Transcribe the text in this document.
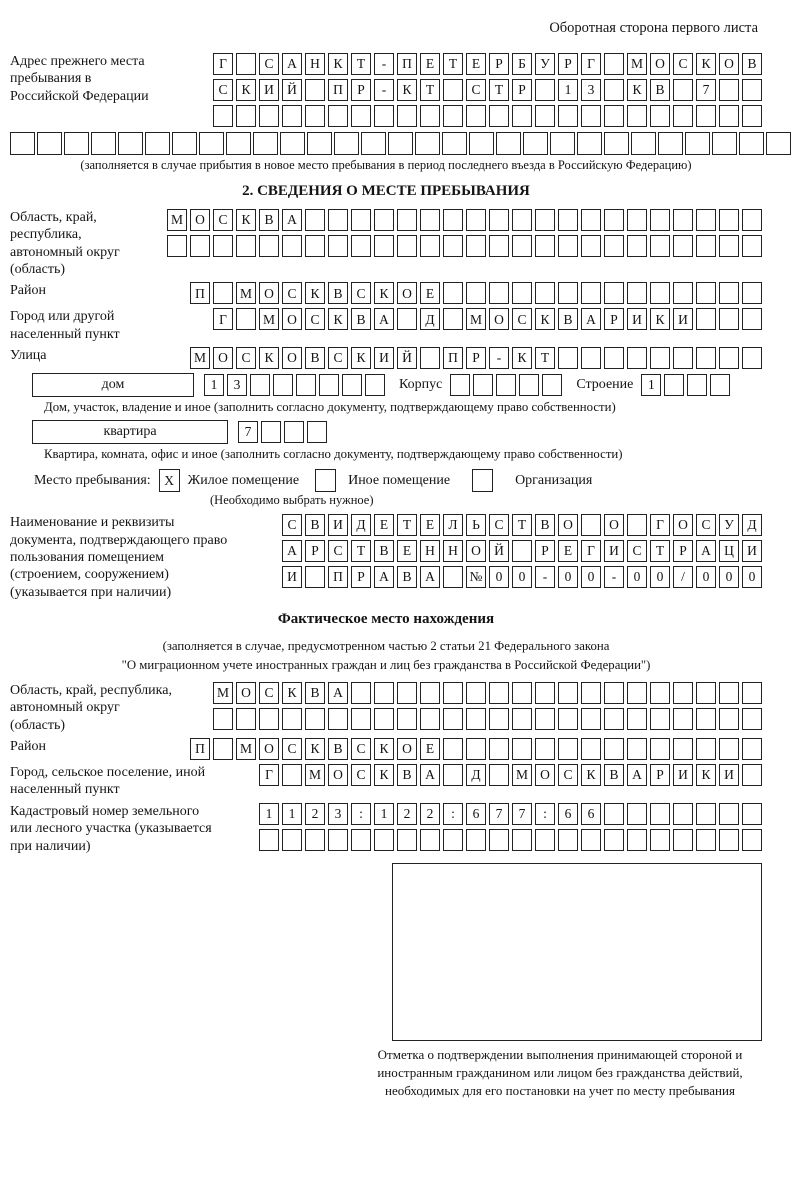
Оборотная сторона первого листа
Адрес прежнего места пребывания в Российской Федерации
Г	С	А Н	К	Т	-	П	Е	Т	Е	Р	Б	У	Р	Г	М О	С	К	О	В
С	К	И Й	П	Р	-	К	Т	С	Т	Р	1	3	К	В	7
(заполняется в случае прибытия в новое место пребывания в период последнего въезда в Российскую Федерацию)
2. СВЕДЕНИЯ О МЕСТЕ ПРЕБЫВАНИЯ
Область, край, республика, автономный округ (область)
М О	С	К	В	А
Район	П	М О	С	К	В	С	К	О	Е
Город или другой населенный пункт
Г	М О	С	К	В	А	Д	М О	С	К	В	А	Р	И	К	И
Улица	М О	С	К	О	В	С	К	И Й	П	Р	-	К	Т
дом	1	3	Корпус	Строение	1
Дом, участок, владение и иное (заполнить согласно документу, подтверждающему право собственности)
квартира	7
Квартира, комната, офис и иное (заполнить согласно документу, подтверждающему право собственности)
Место пребывания:	X Жилое помещение	Иное помещение	Организация
(Необходимо выбрать нужное)
Наименование и реквизиты документа, подтверждающего право пользования помещением (строением, сооружением) (указывается при наличии)
С	В	И	Д	Е	Т	Е	Л	Ь	С	Т	В	О	О	Г	О	С	У	Д
А	Р	С	Т	В	Е	Н Н О Й	Р	Е	Г	И	С	Т	Р	А Ц И
И	П	Р	А	В	А	№ 0	0	-	0	0	-	0	0	/	0	0	0
Фактическое место нахождения
(заполняется в случае, предусмотренном частью 2 статьи 21 Федерального закона
"О миграционном учете иностранных граждан и лиц без гражданства в Российской Федерации")
Область, край, республика, автономный округ (область)
М О	С	К	В	А
Район	П	М О	С	К	В	С	К	О	Е
Город, сельское поселение, иной населенный пункт
Г	М О	С	К	В	А	Д	М О	С	К	В	А	Р	И	К	И
Кадастровый номер земельного или лесного участка (указывается при наличии)
1	1	2	3	:	1	2	2	:	6	7	7	:	6	6
Отметка о подтверждении выполнения принимающей стороной и иностранным гражданином или лицом без гражданства действий, необходимых для его постановки на учет по месту пребывания
